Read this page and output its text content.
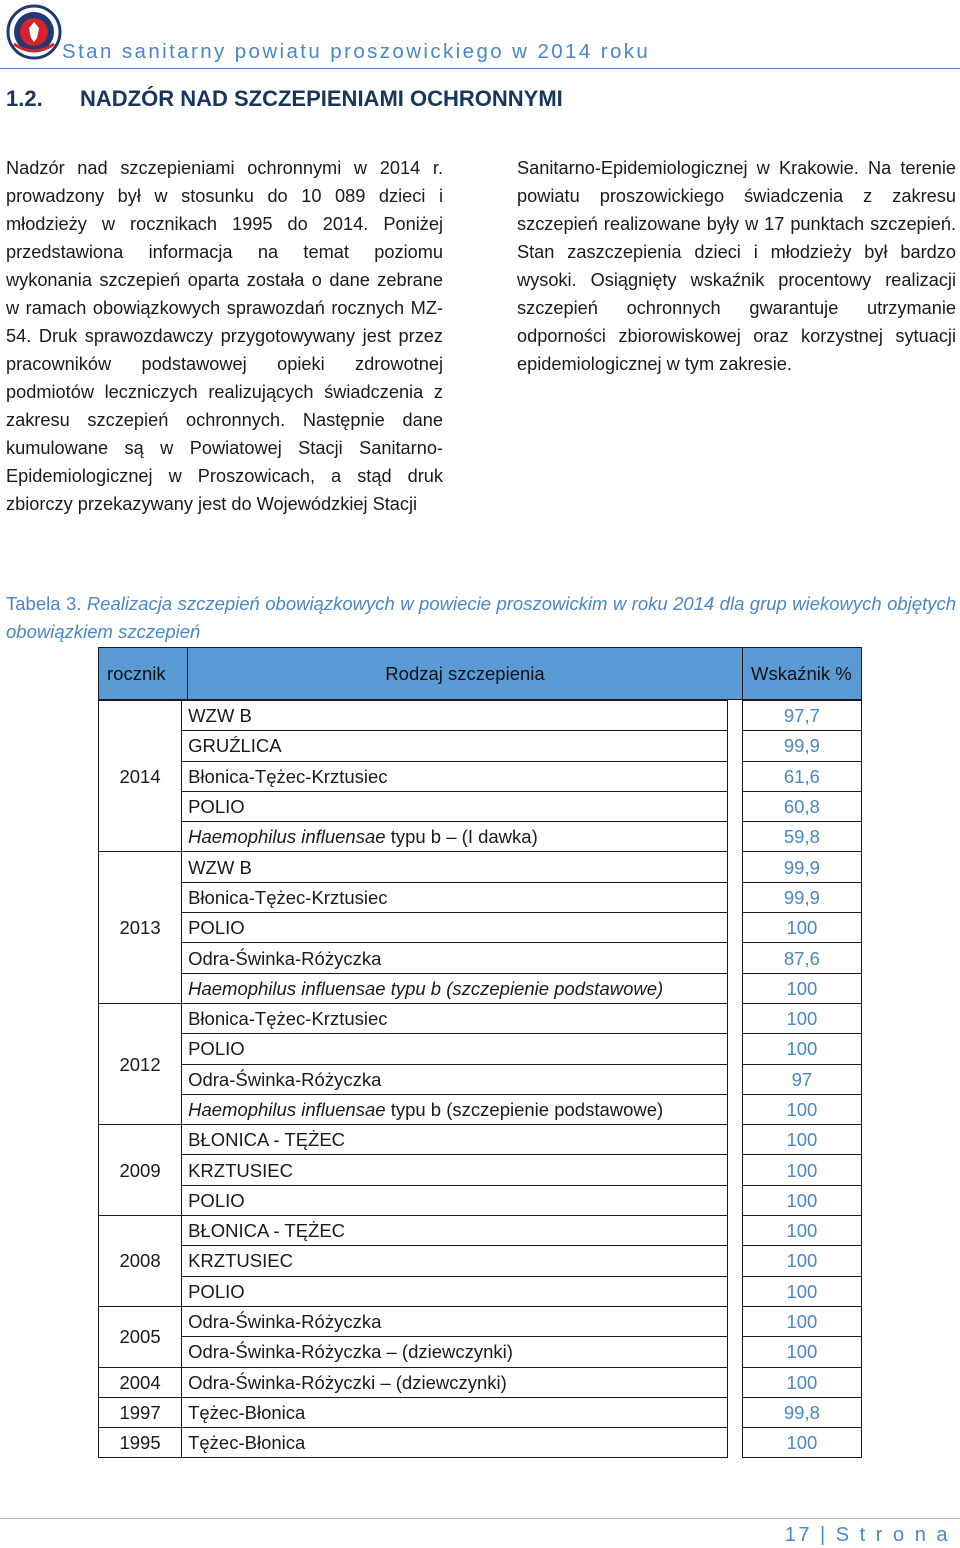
Stan sanitarny powiatu proszowickiego w 2014 roku
1.2. NADZÓR NAD SZCZEPIENIAMI OCHRONNYMI

Nadzór nad szczepieniami ochronnymi w 2014 r. prowadzony był w stosunku do 10 089 dzieci i młodzieży w rocznikach 1995 do 2014. Poniżej przedstawiona informacja na temat poziomu wykonania szczepień oparta została o dane zebrane w ramach obowiązkowych sprawozdań rocznych MZ-54. Druk sprawozdawczy przygotowywany jest przez pracowników podstawowej opieki zdrowotnej podmiotów leczniczych realizujących świadczenia z zakresu szczepień ochronnych. Następnie dane kumulowane są w Powiatowej Stacji Sanitarno-Epidemiologicznej w Proszowicach, a stąd druk zbiorczy przekazywany jest do Wojewódzkiej Stacji

Sanitarno-Epidemiologicznej w Krakowie. Na terenie powiatu proszowickiego świadczenia z zakresu szczepień realizowane były w 17 punktach szczepień. Stan zaszczepienia dzieci i młodzieży był bardzo wysoki. Osiągnięty wskaźnik procentowy realizacji szczepień ochronnych gwarantuje utrzymanie odporności zbiorowiskowej oraz korzystnej sytuacji epidemiologicznej w tym zakresie.

Tabela 3. Realizacja szczepień obowiązkowych w powiecie proszowickim w roku 2014 dla grup wiekowych objętych obowiązkiem szczepień

rocznik	Rodzaj szczepienia	Wskaźnik %
2014	WZW B		97,7
	GRUŹLICA		99,9
	Błonica-Tężec-Krztusiec		61,6
	POLIO		60,8
	Haemophilus influensae typu b – (I dawka)		59,8
2013	WZW B		99,9
	Błonica-Tężec-Krztusiec		99,9
	POLIO		100
	Odra-Świnka-Różyczka		87,6
	Haemophilus influensae typu b (szczepienie podstawowe)		100
2012	Błonica-Tężec-Krztusiec		100
	POLIO		100
	Odra-Świnka-Różyczka		97
	Haemophilus influensae typu b (szczepienie podstawowe)		100
2009	BŁONICA - TĘŻEC		100
	KRZTUSIEC		100
	POLIO		100
2008	BŁONICA - TĘŻEC		100
	KRZTUSIEC		100
	POLIO		100
2005	Odra-Świnka-Różyczka		100
	Odra-Świnka-Różyczka – (dziewczynki)		100
2004	Odra-Świnka-Różyczki – (dziewczynki)		100
1997	Tężec-Błonica		99,8
1995	Tężec-Błonica		100
17 | S t r o n a
